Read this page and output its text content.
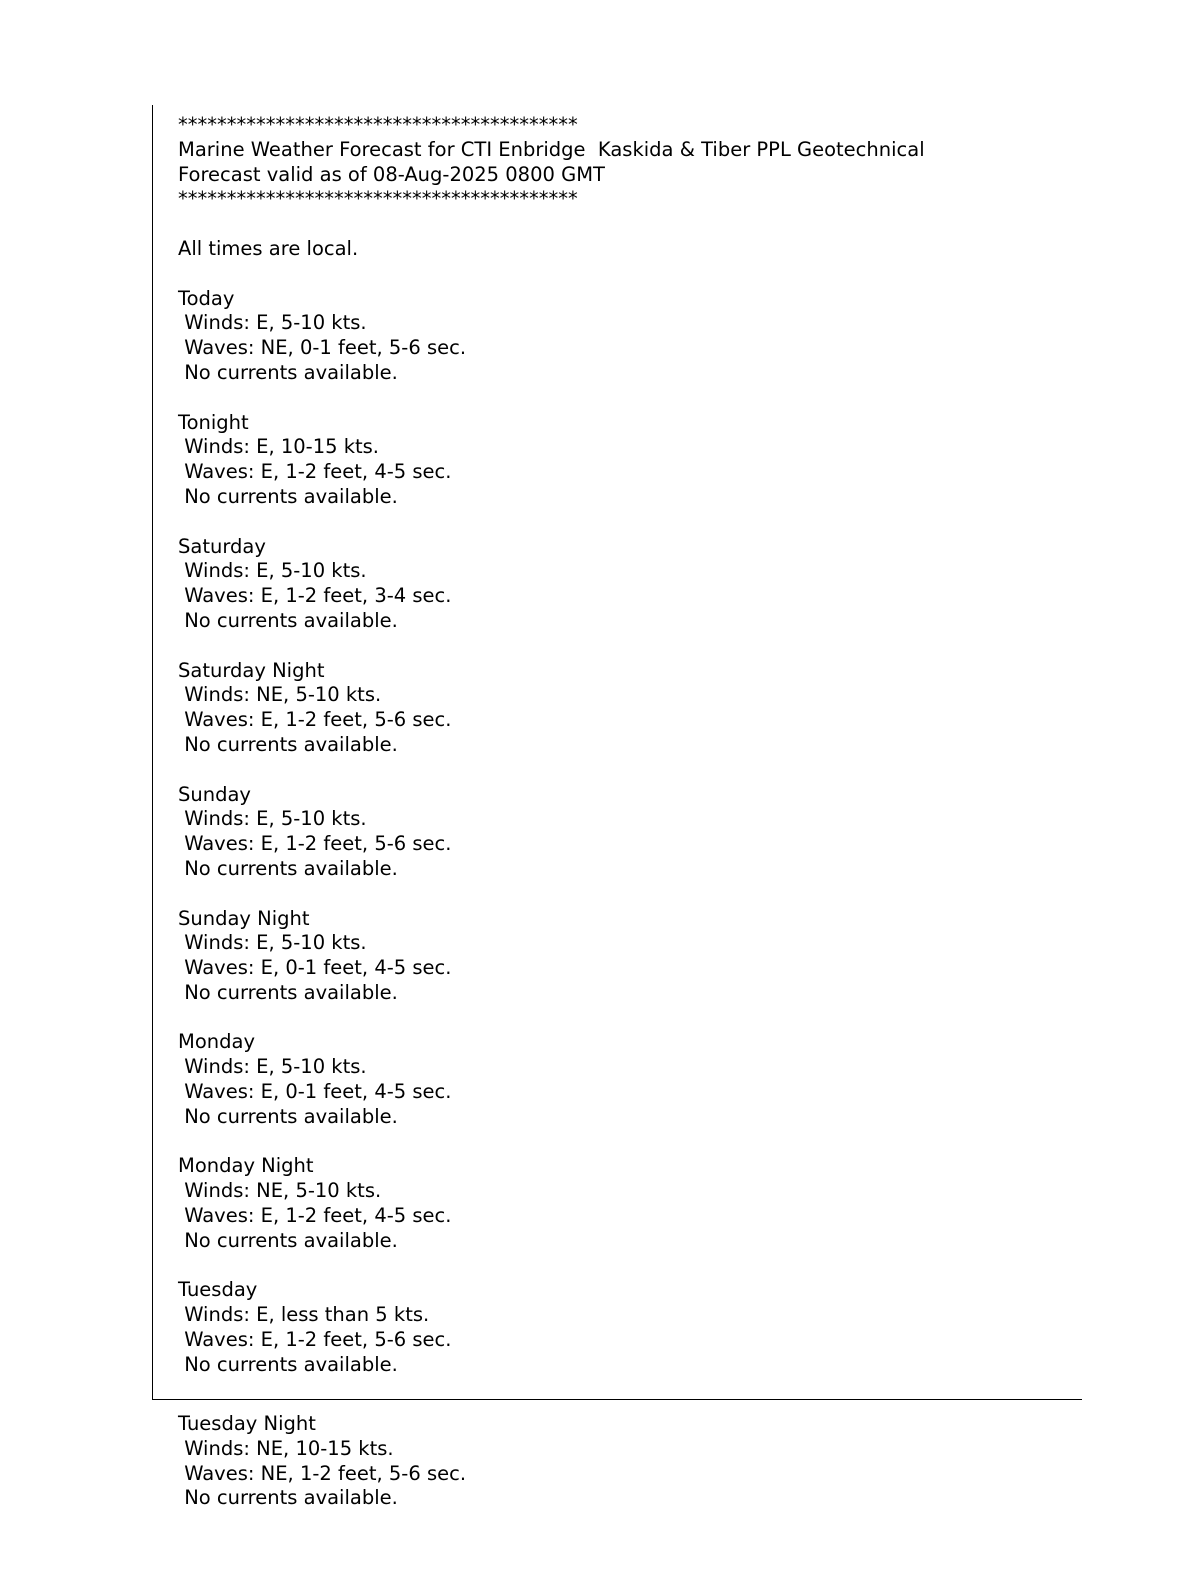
*****************************************
Marine Weather Forecast for CTI Enbridge  Kaskida & Tiber PPL Geotechnical
Forecast valid as of 08-Aug-2025 0800 GMT
*****************************************
All times are local.
Today
Winds: E, 5-10 kts.
Waves: NE, 0-1 feet, 5-6 sec.
No currents available.
Tonight
Winds: E, 10-15 kts.
Waves: E, 1-2 feet, 4-5 sec.
No currents available.
Saturday
Winds: E, 5-10 kts.
Waves: E, 1-2 feet, 3-4 sec.
No currents available.
Saturday Night
Winds: NE, 5-10 kts.
Waves: E, 1-2 feet, 5-6 sec.
No currents available.
Sunday
Winds: E, 5-10 kts.
Waves: E, 1-2 feet, 5-6 sec.
No currents available.
Sunday Night
Winds: E, 5-10 kts.
Waves: E, 0-1 feet, 4-5 sec.
No currents available.
Monday
Winds: E, 5-10 kts.
Waves: E, 0-1 feet, 4-5 sec.
No currents available.
Monday Night
Winds: NE, 5-10 kts.
Waves: E, 1-2 feet, 4-5 sec.
No currents available.
Tuesday
Winds: E, less than 5 kts.
Waves: E, 1-2 feet, 5-6 sec.
No currents available.
Tuesday Night
Winds: NE, 10-15 kts.
Waves: NE, 1-2 feet, 5-6 sec.
No currents available.
